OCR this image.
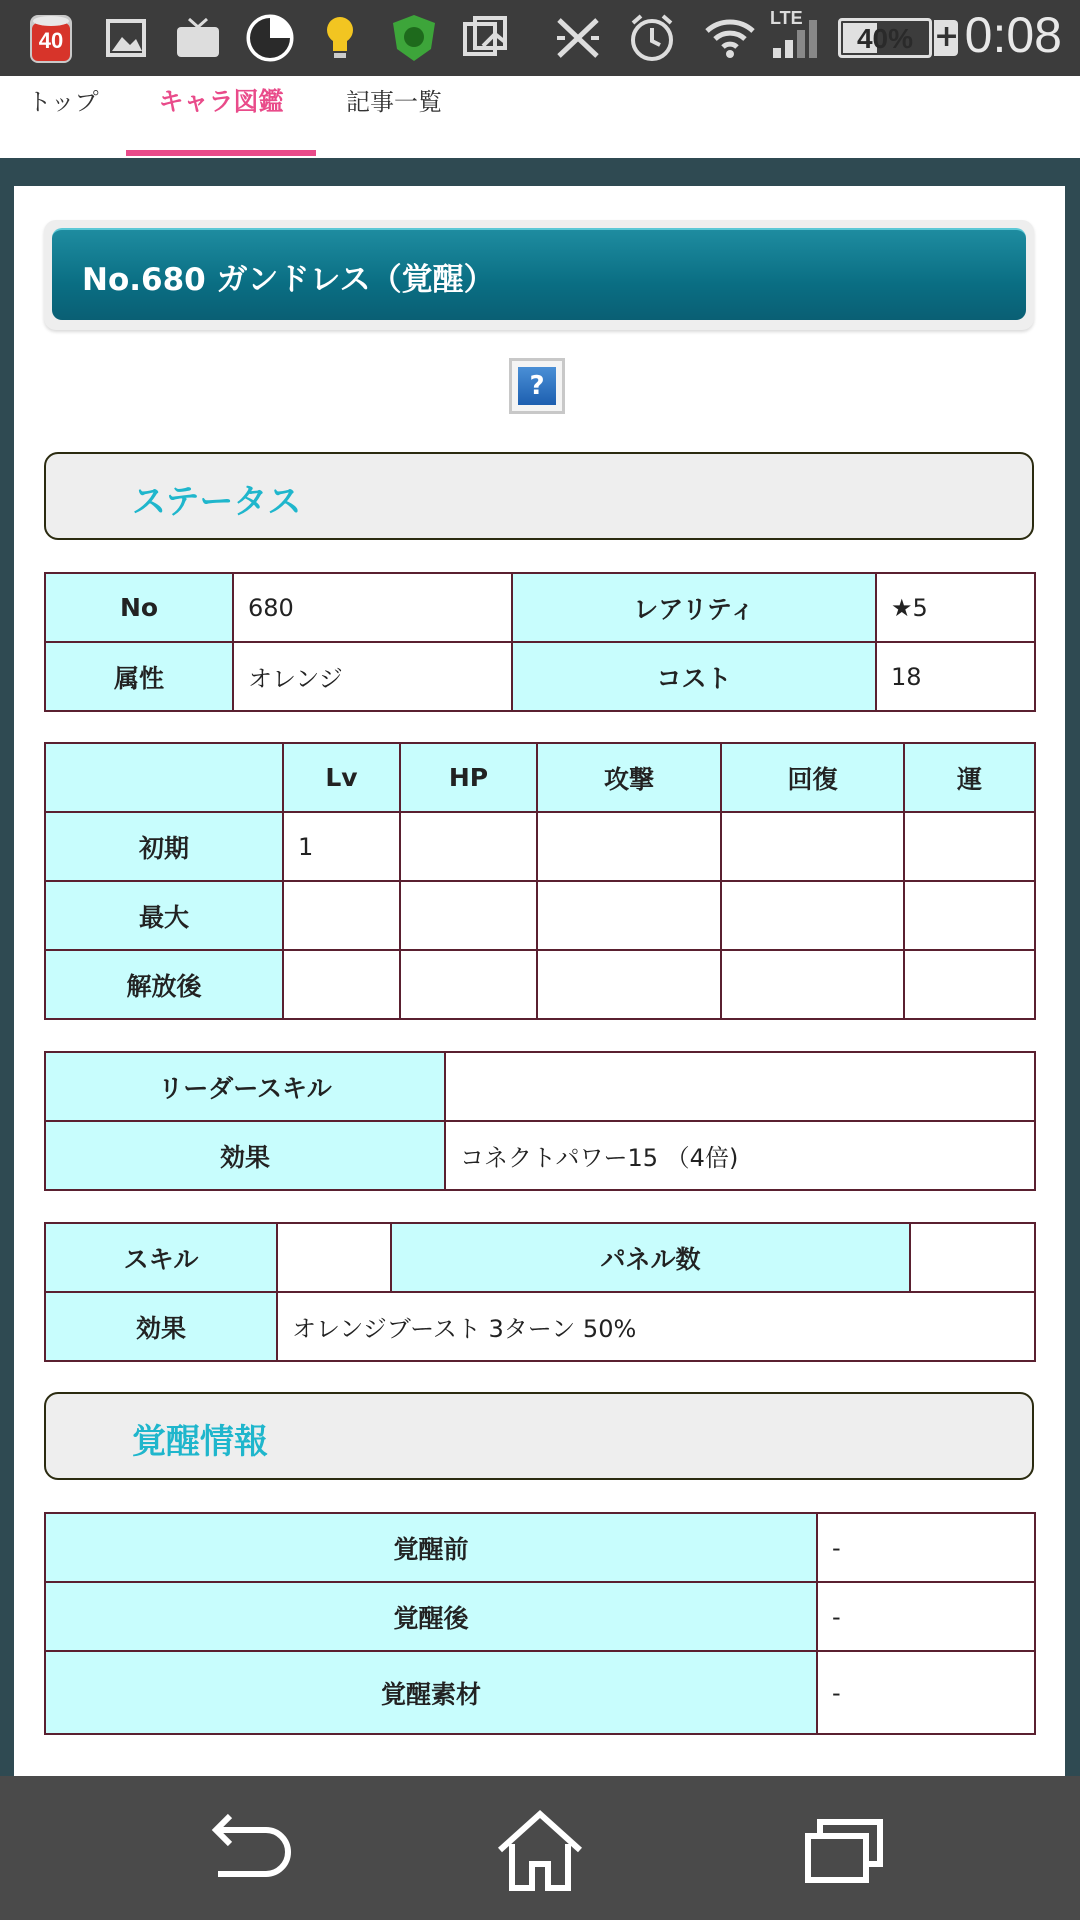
40
LTE
40% + 0:08
トップ	キャラ図鑑	記事一覧
No.680 ガンドレス（覚醒）
?
ステータス
No	680	レアリティ	★5
属性	オレンジ	コスト	18
	Lv	HP	攻撃	回復	運
初期	1				
最大					
解放後					
リーダースキル	
効果	コネクトパワー15 （4倍)
スキル		パネル数	
効果	オレンジブースト 3ターン 50%		
覚醒情報
覚醒前	-
覚醒後	-
覚醒素材	-
